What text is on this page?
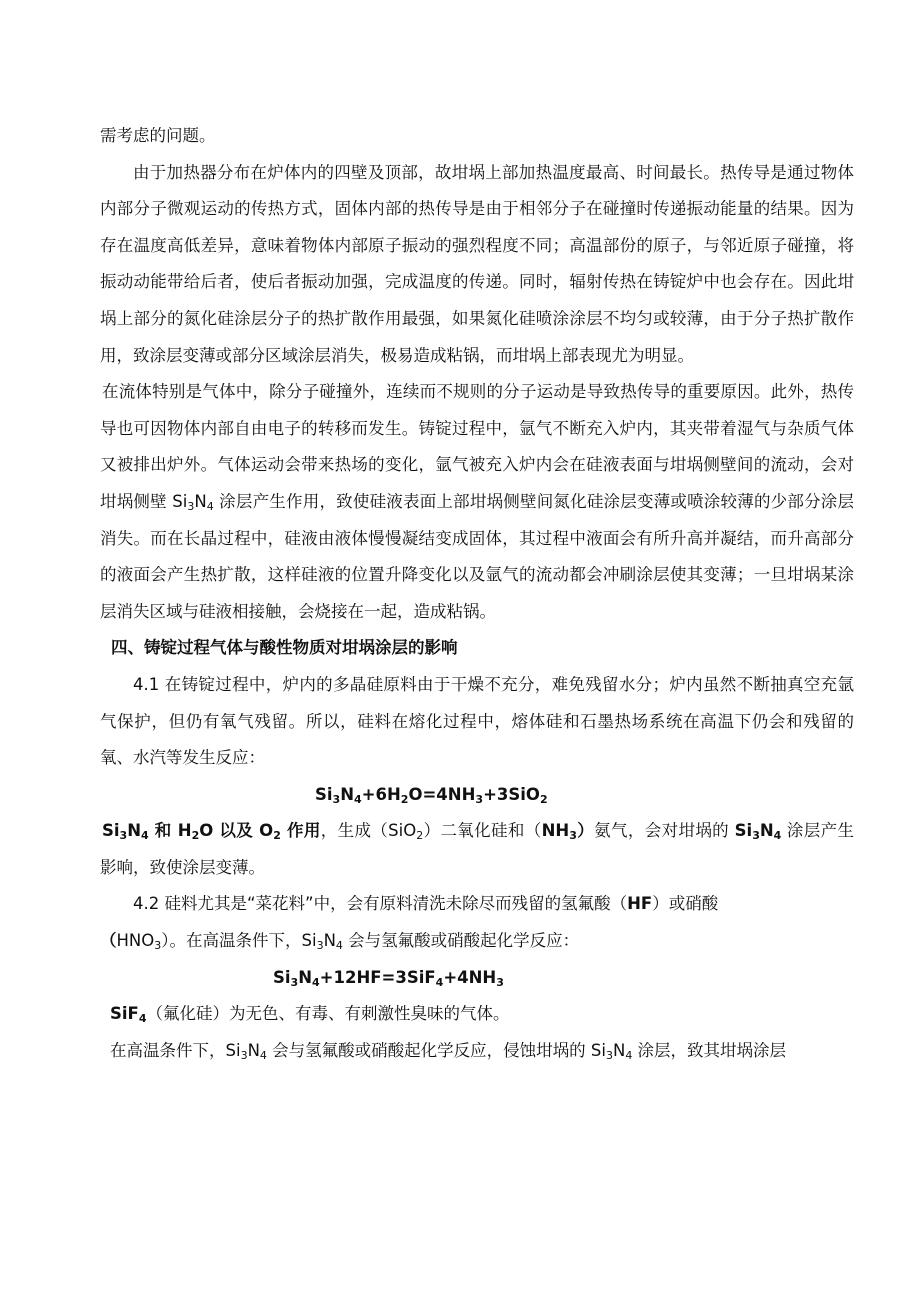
需考虑的问题。

由于加热器分布在炉体内的四壁及顶部，故坩埚上部加热温度最高、时间最长。热传导是通过物体内部分子微观运动的传热方式，固体内部的热传导是由于相邻分子在碰撞时传递振动能量的结果。因为存在温度高低差异，意味着物体内部原子振动的强烈程度不同；高温部份的原子，与邻近原子碰撞，将振动动能带给后者，使后者振动加强，完成温度的传递。同时，辐射传热在铸锭炉中也会存在。因此坩埚上部分的氮化硅涂层分子的热扩散作用最强，如果氮化硅喷涂涂层不均匀或较薄，由于分子热扩散作用，致涂层变薄或部分区域涂层消失，极易造成粘锅，而坩埚上部表现尤为明显。

在流体特别是气体中，除分子碰撞外，连续而不规则的分子运动是导致热传导的重要原因。此外，热传导也可因物体内部自由电子的转移而发生。铸锭过程中，氩气不断充入炉内，其夹带着湿气与杂质气体又被排出炉外。气体运动会带来热场的变化，氩气被充入炉内会在硅液表面与坩埚侧壁间的流动，会对坩埚侧壁 $Si_3N_4$ 涂层产生作用，致使硅液表面上部坩埚侧壁间氮化硅涂层变薄或喷涂较薄的少部分涂层消失。而在长晶过程中，硅液由液体慢慢凝结变成固体，其过程中液面会有所升高并凝结，而升高部分的液面会产生热扩散，这样硅液的位置升降变化以及氩气的流动都会冲刷涂层使其变薄；一旦坩埚某涂层消失区域与硅液相接触，会烧接在一起，造成粘锅。

四、铸锭过程气体与酸性物质对坩埚涂层的影响

4.1 在铸锭过程中，炉内的多晶硅原料由于干燥不充分，难免残留水分；炉内虽然不断抽真空充氩气保护，但仍有氧气残留。所以，硅料在熔化过程中，熔体硅和石墨热场系统在高温下仍会和残留的氧、水汽等发生反应：

$Si_3N_4+6H_2O=4NH_3+3SiO_2$

$Si_3N_4$ 和 $H_2O$ 以及 $O_2$ 作用，生成（SiO$_2$）二氧化硅和$(NH_3)$氨气，会对坩埚的 $Si_3N_4$ 涂层产生影响，致使涂层变薄。

4.2 硅料尤其是“菜花料”中，会有原料清洗未除尽而残留的氢氟酸（HF）或硝酸
$(HNO_3)$。在高温条件下，$Si_3N_4$ 会与氢氟酸或硝酸起化学反应：

$Si_3N_4+12HF=3SiF_4+4NH_3$

SiF$_4$（氟化硅）为无色、有毒、有刺激性臭味的气体。

在高温条件下，$Si_3N_4$ 会与氢氟酸或硝酸起化学反应，侵蚀坩埚的 $Si_3N_4$ 涂层，致其坩埚涂层
